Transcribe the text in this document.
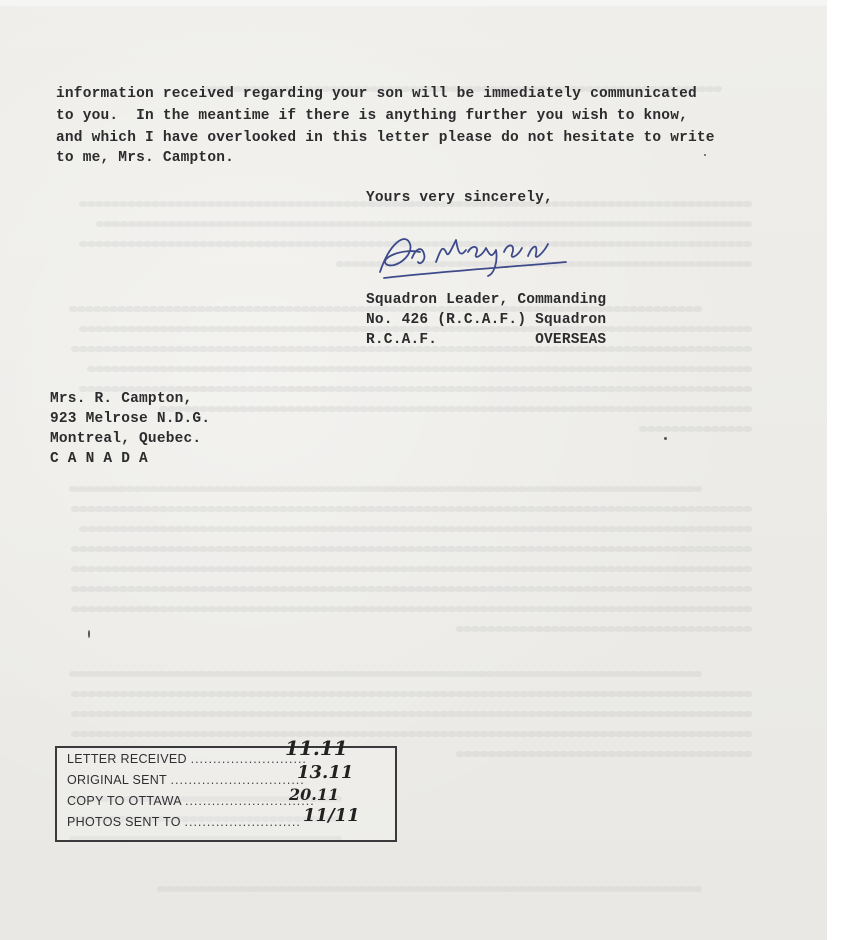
information received regarding your son will be immediately communicated
to you.  In the meantime if there is anything further you wish to know,
and which I have overlooked in this letter please do not hesitate to write
to me, Mrs. Campton.
Yours very sincerely,
Squadron Leader, Commanding
No. 426 (R.C.A.F.) Squadron
R.C.A.F.           OVERSEAS
Mrs. R. Campton,
923 Melrose N.D.G.
Montreal, Quebec.
C A N A D A
LETTER RECEIVED ..........................
ORIGINAL SENT ..............................
COPY TO OTTAWA .............................
PHOTOS SENT TO ..........................
11.11
13.11
20.11
11/11
